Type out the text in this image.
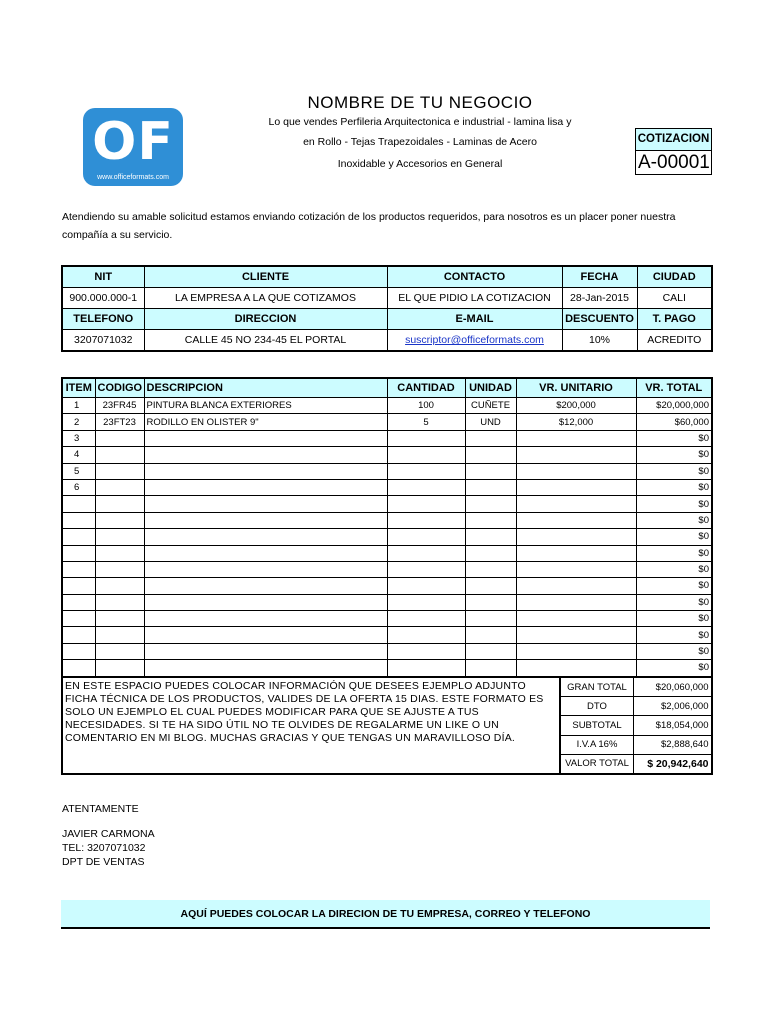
OF
www.officeformats.com
NOMBRE DE TU NEGOCIO
Lo que vendes Perfileria Arquitectonica e industrial - lamina lisa y
en Rollo - Tejas Trapezoidales - Laminas de Acero
Inoxidable y Accesorios en General
COTIZACION
A-00001
Atendiendo su amable solicitud estamos enviando cotización de los productos requeridos, para nosotros es un placer poner nuestra compañía a su servicio.
NIT	CLIENTE	CONTACTO	FECHA	CIUDAD
900.000.000-1	LA EMPRESA A LA QUE COTIZAMOS	EL QUE PIDIO LA COTIZACION	28-Jan-2015	CALI
TELEFONO	DIRECCION	E-MAIL	DESCUENTO	T. PAGO
3207071032	CALLE 45 NO 234-45 EL PORTAL	suscriptor@officeformats.com	10%	ACREDITO
ITEM	CODIGO	DESCRIPCION	CANTIDAD	UNIDAD	VR. UNITARIO	VR. TOTAL
1	23FR45	PINTURA BLANCA EXTERIORES	100	CUÑETE	$200,000	$20,000,000
2	23FT23	RODILLO EN OLISTER 9"	5	UND	$12,000	$60,000
3						$0
4						$0
5						$0
6						$0
						$0
						$0
						$0
						$0
						$0
						$0
						$0
						$0
						$0
						$0
						$0
EN ESTE ESPACIO PUEDES COLOCAR INFORMACIÓN QUE DESEES EJEMPLO ADJUNTO FICHA TÉCNICA DE LOS PRODUCTOS, VALIDES DE LA OFERTA 15 DIAS. ESTE FORMATO ES SOLO UN EJEMPLO EL CUAL PUEDES MODIFICAR PARA QUE SE AJUSTE A TUS NECESIDADES. SI TE HA SIDO ÚTIL NO TE OLVIDES DE REGALARME UN LIKE O UN COMENTARIO EN MI BLOG. MUCHAS GRACIAS Y QUE TENGAS UN MARAVILLOSO DÍA.
GRAN TOTAL	$20,060,000
DTO	$2,006,000
SUBTOTAL	$18,054,000
I.V.A 16%	$2,888,640
VALOR TOTAL	$ 20,942,640
ATENTAMENTE
JAVIER CARMONA
TEL: 3207071032
DPT DE VENTAS
AQUÍ PUEDES COLOCAR LA DIRECION DE TU EMPRESA, CORREO Y TELEFONO
